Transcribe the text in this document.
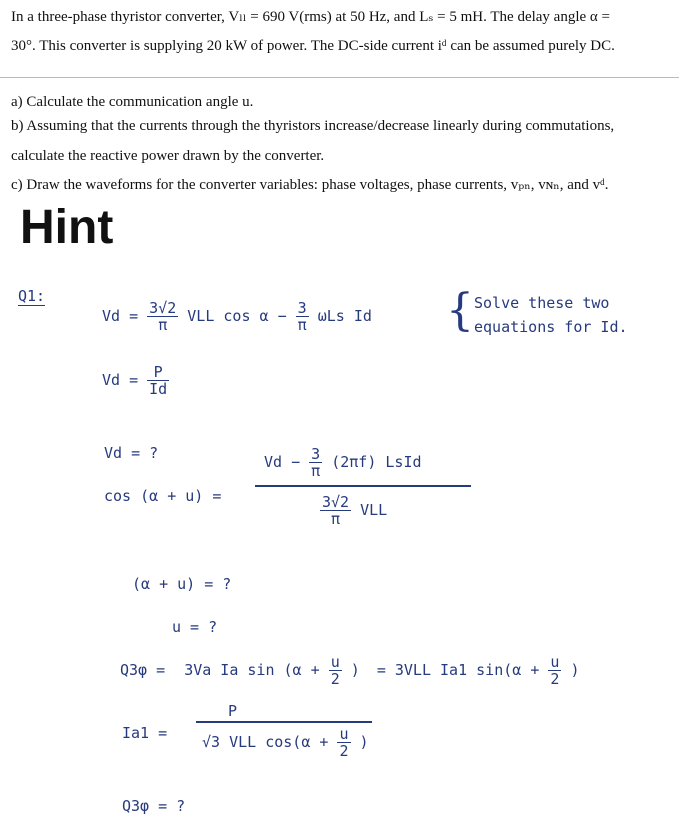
In a three-phase thyristor converter, Vₗₗ = 690 V(rms) at 50 Hz, and Lₛ = 5 mH. The delay angle α =
30°. This converter is supplying 20 kW of power. The DC-side current iᵈ can be assumed purely DC.
a) Calculate the communication angle u.
b) Assuming that the currents through the thyristors increase/decrease linearly during commutations,
calculate the reactive power drawn by the converter.
c) Draw the waveforms for the converter variables: phase voltages, phase currents, vₚₙ, vɴₙ, and vᵈ.
Hint
Q1:
$Vd = \frac{3√2}{\pi}$ VLL $\cos \alpha - \frac{3}{\pi}$ ωLs Id { Solve these two
equations for Id.
$Vd = \frac{P}{Id}$
Vd = ?
cos (α + u) =
$Vd - \frac{3}{\pi} (2\pi f)$ LsId
$\frac{3√2}{\pi}$ VLL
(α + u) = ?
u = ?
Q3φ = 3Va Ia $\sin (\alpha + \frac{u}{2}$ ) = 3VLL Ia1 $\sin(\alpha + \frac{u}{2}$ )
Ia1 =
P
√3 VLL $\cos(\alpha + \frac{u}{2}$ )
Q3φ = ?
